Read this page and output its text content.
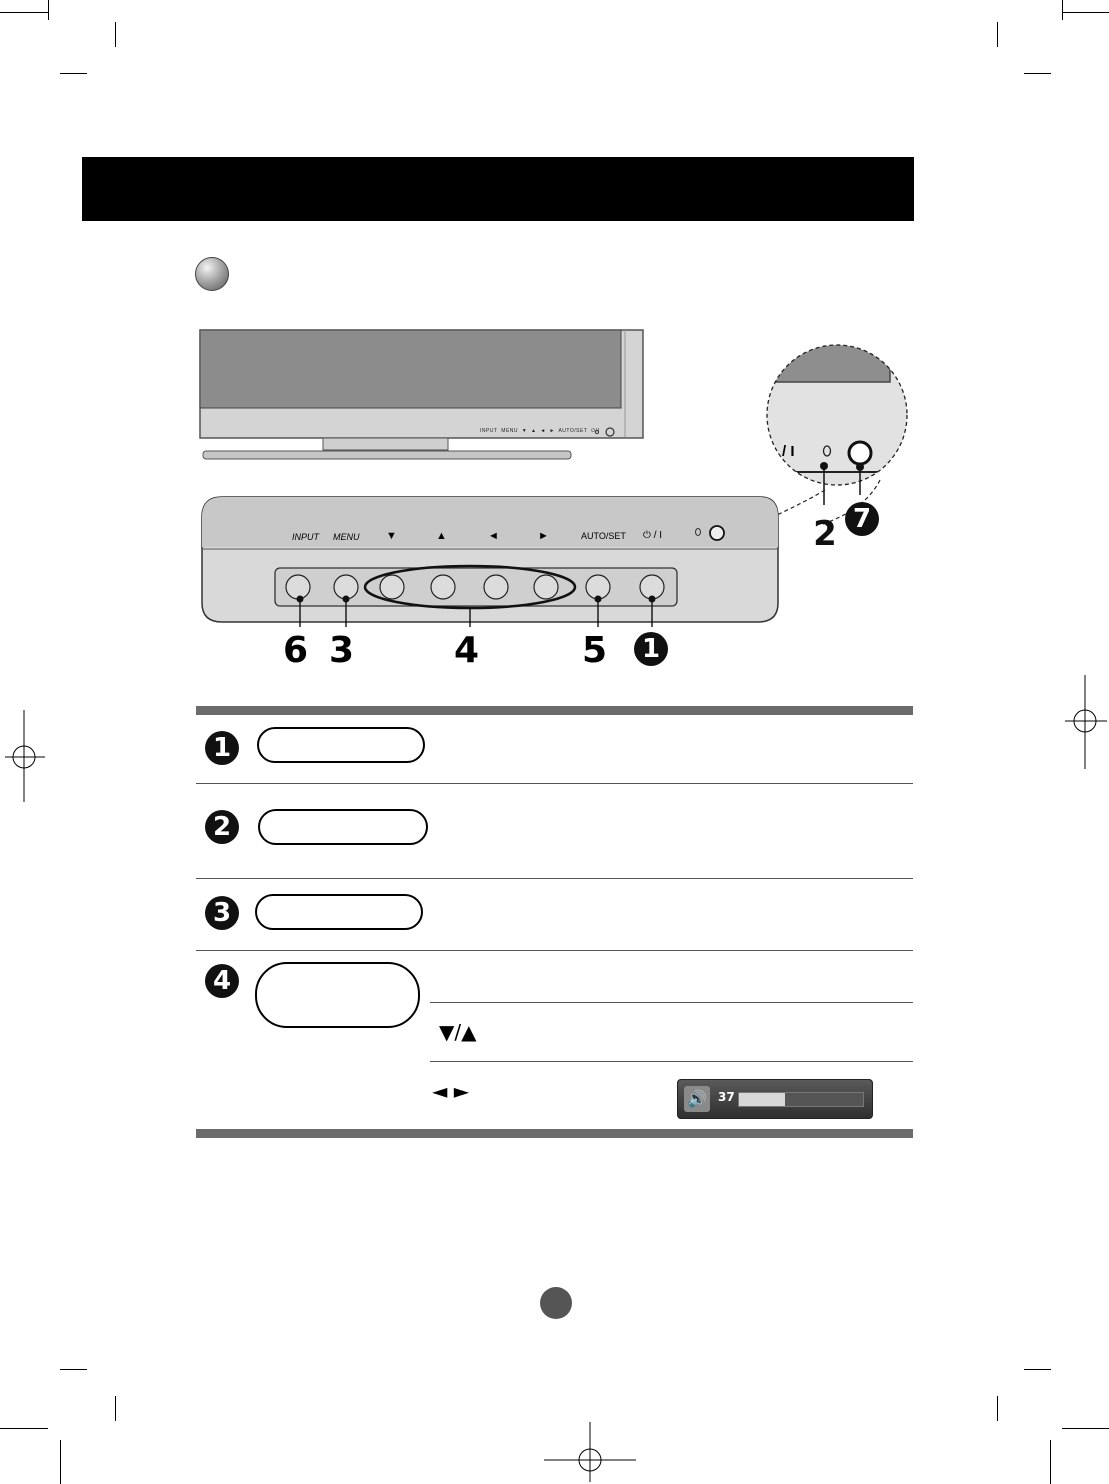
INPUT MENU ▼ ▲ ◄ ► AUTO/SET ⏻/I
/ I
2 7
INPUT MENU ▼	▲	◄	►	AUTO/SET ⏻ / I
6 3	4	5	1
1
2
3
4
▼/▲
◄ ►	🔊 37
